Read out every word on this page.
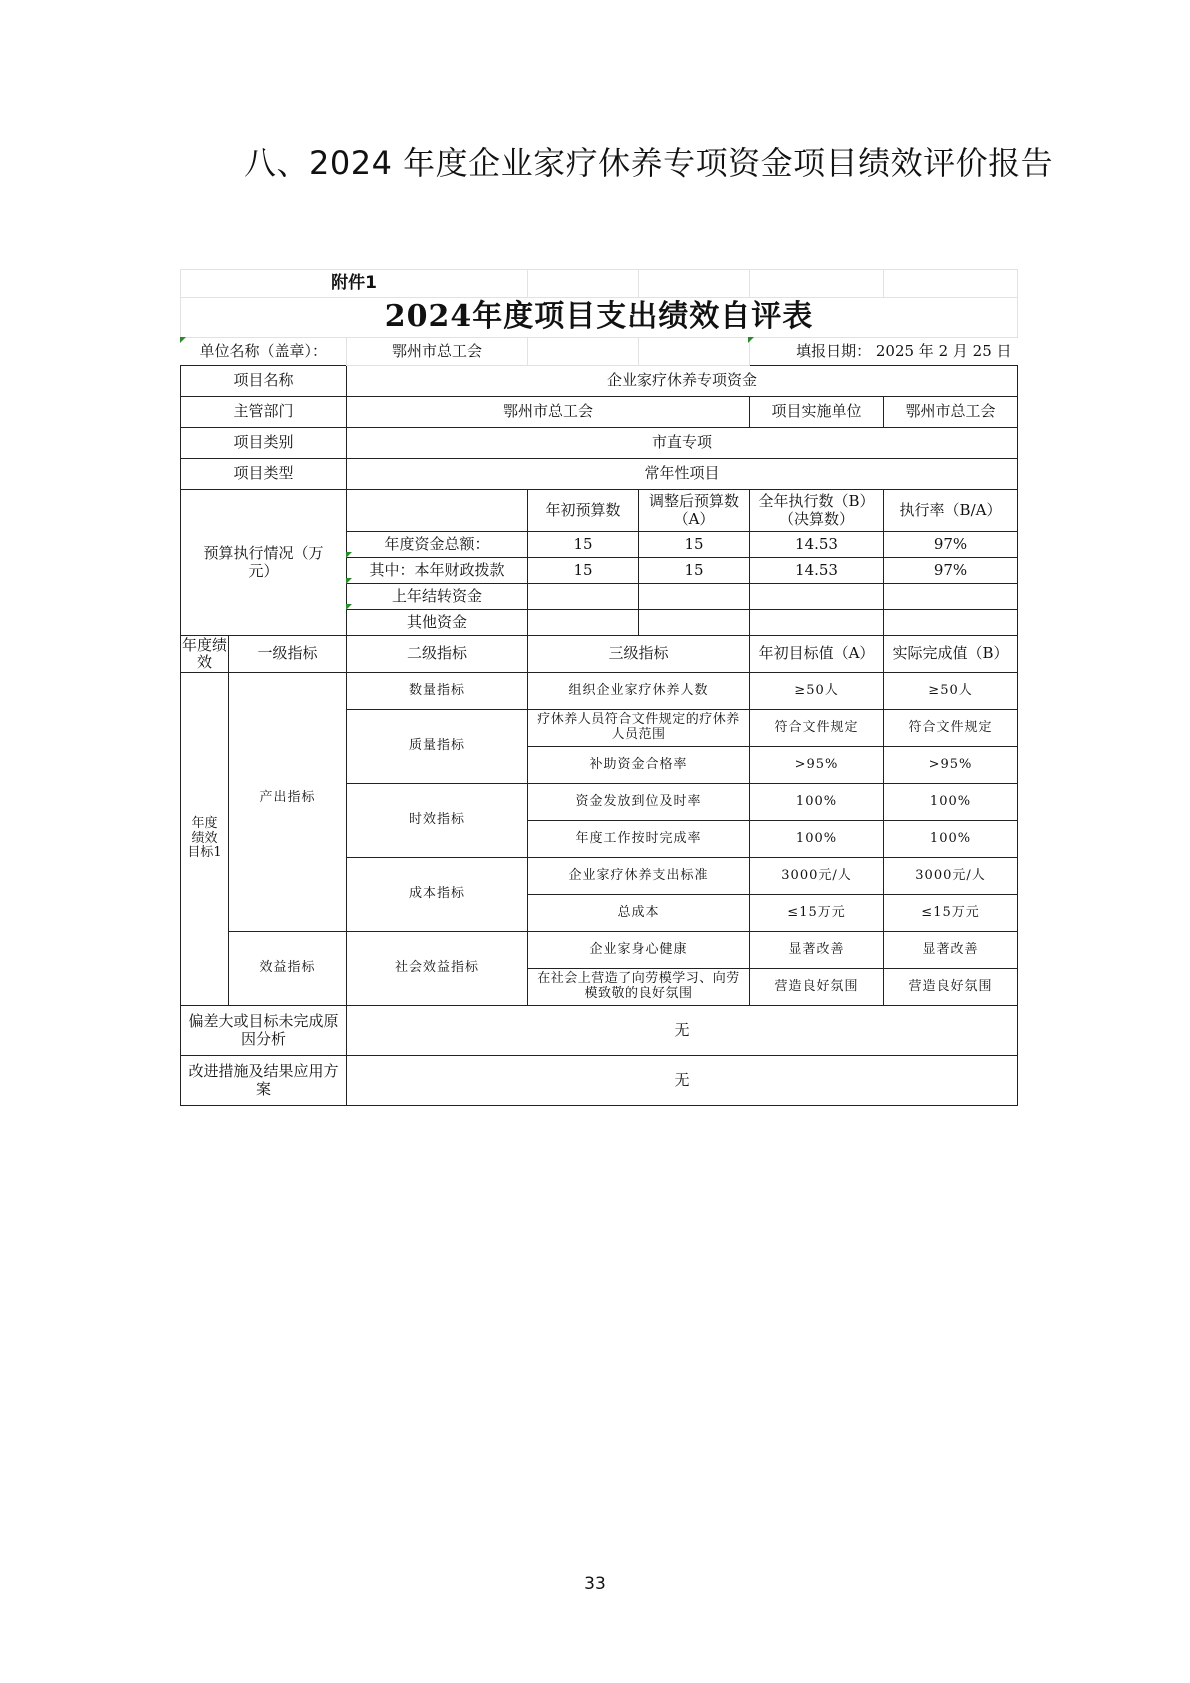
八、2024 年度企业家疗休养专项资金项目绩效评价报告
附件1						
2024年度项目支出绩效自评表						
单位名称（盖章）：		鄂州市总工会			填报日期： 2025 年 2 月 25 日	
项目名称		企业家疗休养专项资金				
主管部门		鄂州市总工会			项目实施单位	鄂州市总工会
项目类别		市直专项				
项目类型		常年性项目				
预算执行情况（万元）			年初预算数	调整后预算数（A）	全年执行数（B）（决算数）	执行率（B/A）
		年度资金总额：	15	15	14.53	97%
		其中：本年财政拨款	15	15	14.53	97%
		上年结转资金				
		其他资金				
年度绩效	一级指标	二级指标	三级指标		年初目标值（A）	实际完成值（B）
年度绩效目标1	产出指标	数量指标	组织企业家疗休养人数		≥50人	≥50人
		质量指标	疗休养人员符合文件规定的疗休养人员范围		符合文件规定	符合文件规定
			补助资金合格率		>95%	>95%
		时效指标	资金发放到位及时率		100%	100%
			年度工作按时完成率		100%	100%
		成本指标	企业家疗休养支出标准		3000元/人	3000元/人
			总成本		≤15万元	≤15万元
	效益指标	社会效益指标	企业家身心健康		显著改善	显著改善
			在社会上营造了向劳模学习、向劳模致敬的良好氛围		营造良好氛围	营造良好氛围
偏差大或目标未完成原因分析		无				
改进措施及结果应用方案		无				
33
